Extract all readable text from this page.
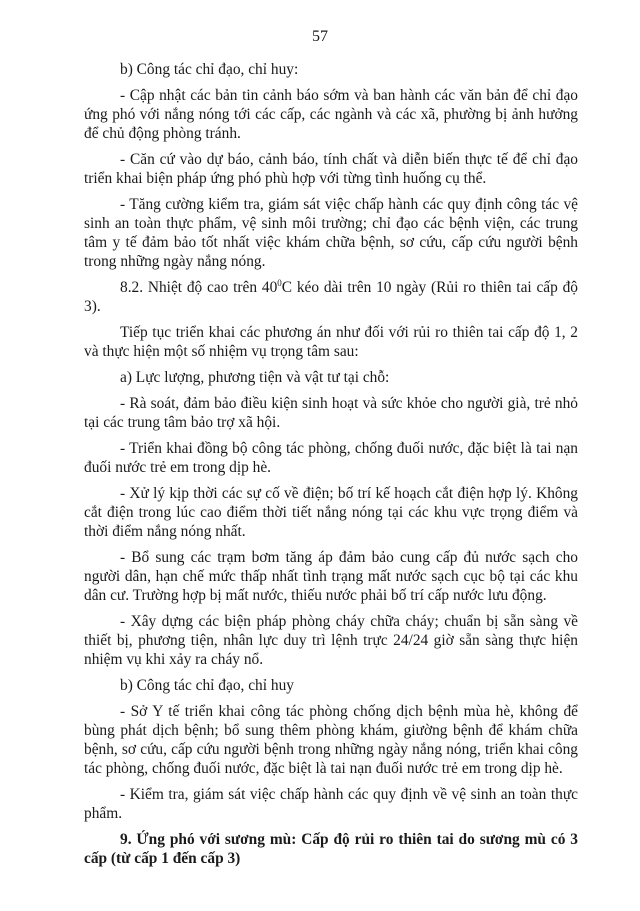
57

b) Công tác chỉ đạo, chỉ huy:

- Cập nhật các bản tin cảnh báo sớm và ban hành các văn bản để chỉ đạo ứng phó với nắng nóng tới các cấp, các ngành và các xã, phường bị ảnh hưởng để chủ động phòng tránh.

- Căn cứ vào dự báo, cảnh báo, tính chất và diễn biến thực tế để chỉ đạo triển khai biện pháp ứng phó phù hợp với từng tình huống cụ thể.

- Tăng cường kiểm tra, giám sát việc chấp hành các quy định công tác vệ sinh an toàn thực phẩm, vệ sinh môi trường; chỉ đạo các bệnh viện, các trung tâm y tế đảm bảo tốt nhất việc khám chữa bệnh, sơ cứu, cấp cứu người bệnh trong những ngày nắng nóng.

8.2. Nhiệt độ cao trên $40^0C$ kéo dài trên 10 ngày (Rủi ro thiên tai cấp độ 3).

Tiếp tục triển khai các phương án như đối với rủi ro thiên tai cấp độ 1, 2 và thực hiện một số nhiệm vụ trọng tâm sau:

a) Lực lượng, phương tiện và vật tư tại chỗ:

- Rà soát, đảm bảo điều kiện sinh hoạt và sức khỏe cho người già, trẻ nhỏ tại các trung tâm bảo trợ xã hội.

- Triển khai đồng bộ công tác phòng, chống đuối nước, đặc biệt là tai nạn đuối nước trẻ em trong dịp hè.

- Xử lý kịp thời các sự cố về điện; bố trí kế hoạch cắt điện hợp lý. Không cắt điện trong lúc cao điểm thời tiết nắng nóng tại các khu vực trọng điểm và thời điểm nắng nóng nhất.

- Bổ sung các trạm bơm tăng áp đảm bảo cung cấp đủ nước sạch cho người dân, hạn chế mức thấp nhất tình trạng mất nước sạch cục bộ tại các khu dân cư. Trường hợp bị mất nước, thiếu nước phải bố trí cấp nước lưu động.

- Xây dựng các biện pháp phòng cháy chữa cháy; chuẩn bị sẵn sàng về thiết bị, phương tiện, nhân lực duy trì lệnh trực 24/24 giờ sẵn sàng thực hiện nhiệm vụ khi xảy ra cháy nổ.

b) Công tác chỉ đạo, chỉ huy

- Sở Y tế triển khai công tác phòng chống dịch bệnh mùa hè, không để bùng phát dịch bệnh; bổ sung thêm phòng khám, giường bệnh để khám chữa bệnh, sơ cứu, cấp cứu người bệnh trong những ngày nắng nóng, triển khai công tác phòng, chống đuối nước, đặc biệt là tai nạn đuối nước trẻ em trong dịp hè.

- Kiểm tra, giám sát việc chấp hành các quy định về vệ sinh an toàn thực phẩm.

9. Ứng phó với sương mù: Cấp độ rủi ro thiên tai do sương mù có 3 cấp (từ cấp 1 đến cấp 3)
